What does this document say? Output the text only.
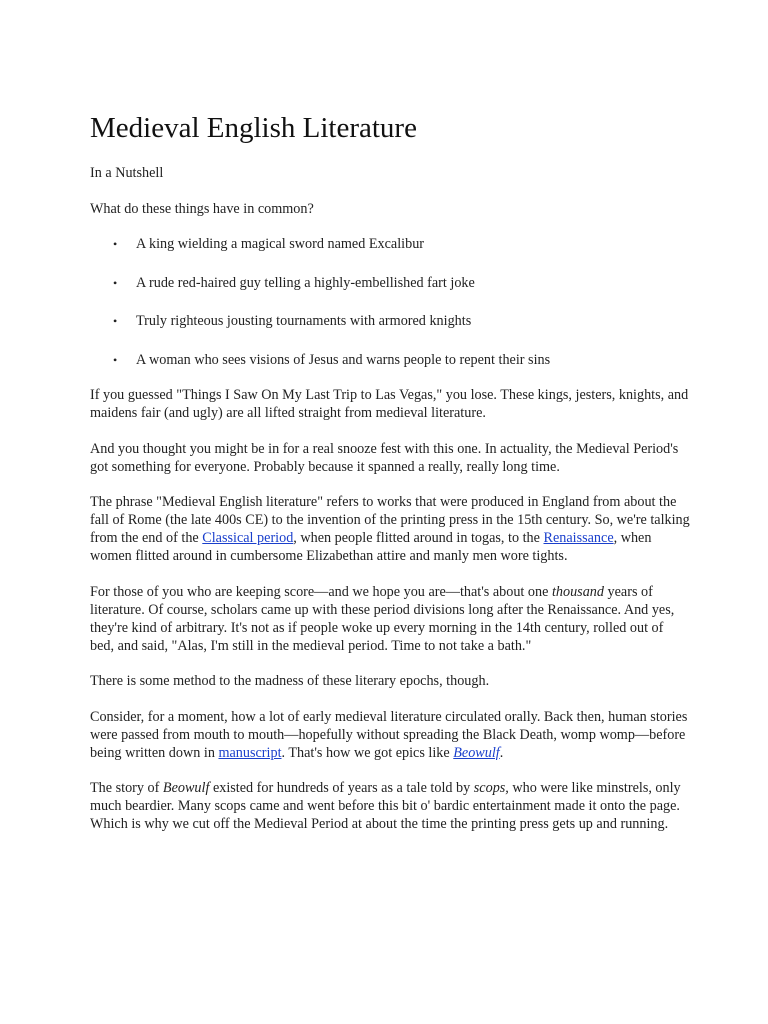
Medieval English Literature

In a Nutshell

What do these things have in common?

• A king wielding a magical sword named Excalibur
• A rude red-haired guy telling a highly-embellished fart joke
• Truly righteous jousting tournaments with armored knights
• A woman who sees visions of Jesus and warns people to repent their sins

If you guessed "Things I Saw On My Last Trip to Las Vegas," you lose. These kings, jesters, knights, and maidens fair (and ugly) are all lifted straight from medieval literature.

And you thought you might be in for a real snooze fest with this one. In actuality, the Medieval Period's got something for everyone. Probably because it spanned a really, really long time.

The phrase "Medieval English literature" refers to works that were produced in England from about the fall of Rome (the late 400s CE) to the invention of the printing press in the 15th century. So, we're talking from the end of the Classical period, when people flitted around in togas, to the Renaissance, when women flitted around in cumbersome Elizabethan attire and manly men wore tights.

For those of you who are keeping score—and we hope you are—that's about one thousand years of literature. Of course, scholars came up with these period divisions long after the Renaissance. And yes, they're kind of arbitrary. It's not as if people woke up every morning in the 14th century, rolled out of bed, and said, "Alas, I'm still in the medieval period. Time to not take a bath."

There is some method to the madness of these literary epochs, though.

Consider, for a moment, how a lot of early medieval literature circulated orally. Back then, human stories were passed from mouth to mouth—hopefully without spreading the Black Death, womp womp—before being written down in manuscript. That's how we got epics like Beowulf.

The story of Beowulf existed for hundreds of years as a tale told by scops, who were like minstrels, only much beardier. Many scops came and went before this bit o' bardic entertainment made it onto the page. Which is why we cut off the Medieval Period at about the time the printing press gets up and running.
